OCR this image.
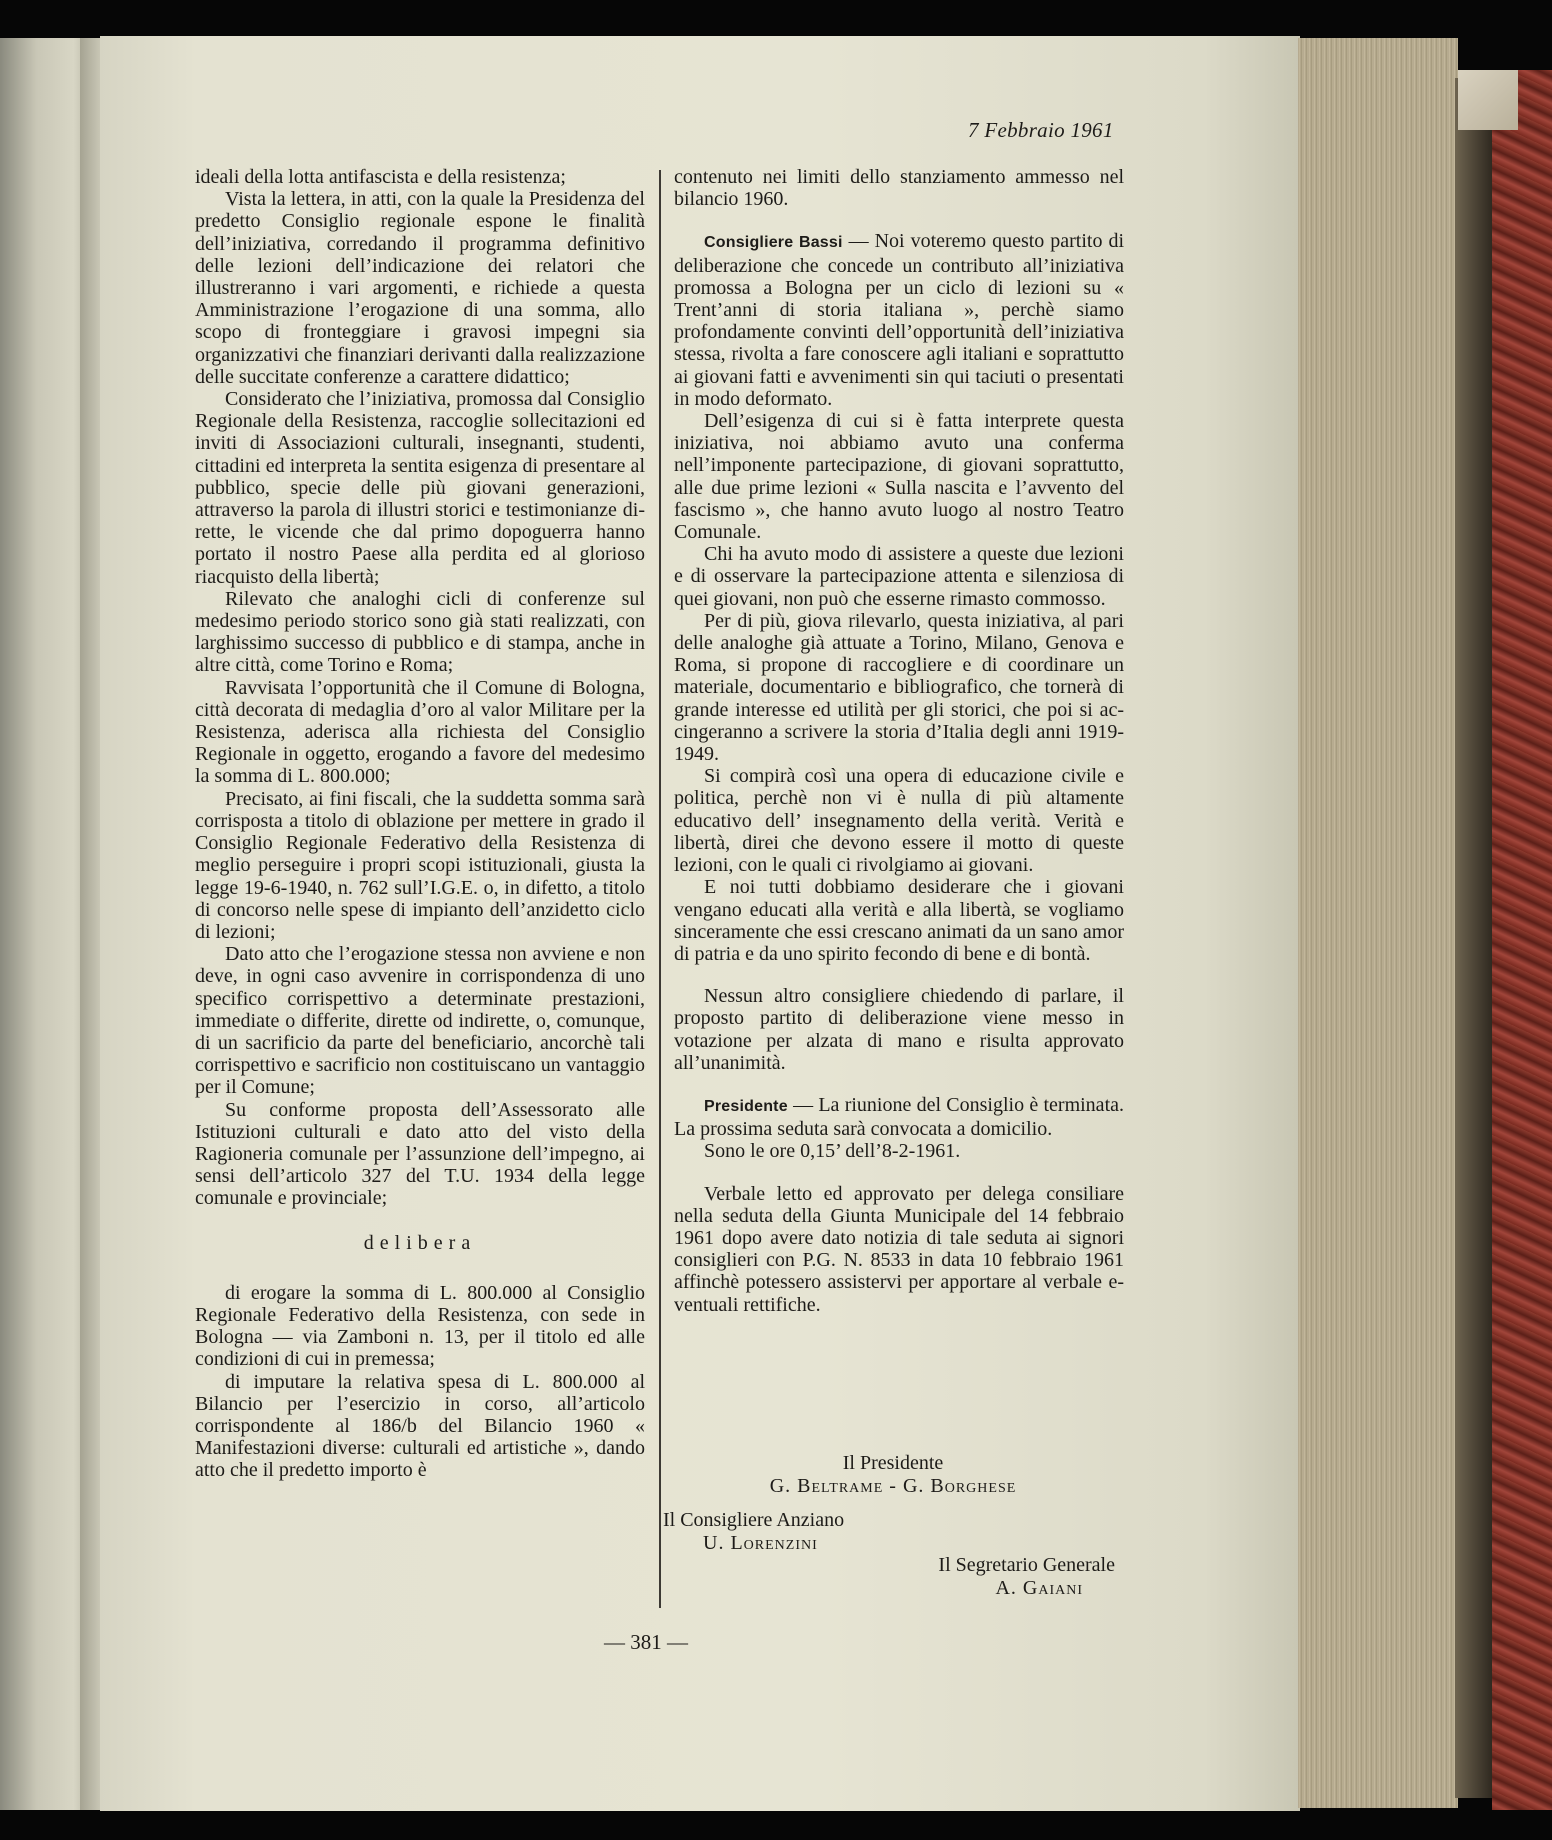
7 Febbraio 1961

ideali della lotta antifascista e della resistenza;

Vista la lettera, in atti, con la quale la Presidenza del predetto Consiglio regionale espone le finalità dell’iniziativa, corredando il programma definitivo delle lezioni dell’indicazione dei relatori che illustreranno i vari argomenti, e richiede a questa Amministrazione l’erogazione di una somma, allo scopo di fronteggiare i gravosi impegni sia organizzativi che finanziari derivanti dalla realizzazione delle succitate conferenze a carattere didattico;

Considerato che l’iniziativa, promossa dal Consiglio Regionale della Resistenza, raccoglie sollecitazioni ed inviti di Associazioni culturali, insegnanti, studenti, cittadini ed interpreta la sentita esigenza di presentare al pubblico, specie delle più giovani generazioni, attraverso la parola di illustri storici e testimonianze dirette, le vicende che dal primo dopoguerra hanno portato il nostro Paese alla perdita ed al glorioso riacquisto della libertà;

Rilevato che analoghi cicli di conferenze sul medesimo periodo storico sono già stati realizzati, con larghissimo successo di pubblico e di stampa, anche in altre città, come Torino e Roma;

Ravvisata l’opportunità che il Comune di Bologna, città decorata di medaglia d’oro al valor Militare per la Resistenza, aderisca alla richiesta del Consiglio Regionale in oggetto, erogando a favore del medesimo la somma di L. 800.000;

Precisato, ai fini fiscali, che la suddetta somma sarà corrisposta a titolo di oblazione per mettere in grado il Consiglio Regionale Federativo della Resistenza di meglio perseguire i propri scopi istituzionali, giusta la legge 19-6-1940, n. 762 sull’I.G.E. o, in difetto, a titolo di concorso nelle spese di impianto dell’anzidetto ciclo di lezioni;

Dato atto che l’erogazione stessa non avviene e non deve, in ogni caso avvenire in corrispondenza di uno specifico corrispettivo a determinate prestazioni, immediate o differite, dirette od indirette, o, comunque, di un sacrificio da parte del beneficiario, ancorchè tali corrispettivo e sacrificio non costituiscano un vantaggio per il Comune;

Su conforme proposta dell’Assessorato alle Istituzioni culturali e dato atto del visto della Ragioneria comunale per l’assunzione dell’impegno, ai sensi dell’articolo 327 del T.U. 1934 della legge comunale e provinciale;

delibera

di erogare la somma di L. 800.000 al Consiglio Regionale Federativo della Resistenza, con sede in Bologna — via Zamboni n. 13, per il titolo ed alle condizioni di cui in premessa;

di imputare la relativa spesa di L. 800.000 al Bilancio per l’esercizio in corso, all’articolo corrispondente al 186/b del Bilancio 1960 « Manifestazioni diverse: culturali ed artistiche », dando atto che il predetto importo è

contenuto nei limiti dello stanziamento ammesso nel bilancio 1960.

Consigliere Bassi — Noi voteremo questo partito di deliberazione che concede un contributo all’iniziativa promossa a Bologna per un ciclo di lezioni su « Trent’anni di storia italiana », perchè siamo profondamente convinti dell’opportunità dell’iniziativa stessa, rivolta a fare conoscere agli italiani e soprattutto ai giovani fatti e avvenimenti sin qui taciuti o presentati in modo deformato.

Dell’esigenza di cui si è fatta interprete questa iniziativa, noi abbiamo avuto una conferma nell’imponente partecipazione, di giovani soprattutto, alle due prime lezioni « Sulla nascita e l’avvento del fascismo », che hanno avuto luogo al nostro Teatro Comunale.

Chi ha avuto modo di assistere a queste due lezioni e di osservare la partecipazione attenta e silenziosa di quei giovani, non può che esserne rimasto commosso.

Per di più, giova rilevarlo, questa iniziativa, al pari delle analoghe già attuate a Torino, Milano, Genova e Roma, si propone di raccogliere e di coordinare un materiale, documentario e bibliografico, che tornerà di grande interesse ed utilità per gli storici, che poi si accingeranno a scrivere la storia d’Italia degli anni 1919-1949.

Si compirà così una opera di educazione civile e politica, perchè non vi è nulla di più altamente educativo dell’ insegnamento della verità. Verità e libertà, direi che devono essere il motto di queste lezioni, con le quali ci rivolgiamo ai giovani.

E noi tutti dobbiamo desiderare che i giovani vengano educati alla verità e alla libertà, se vogliamo sinceramente che essi crescano animati da un sano amor di patria e da uno spirito fecondo di bene e di bontà.

Nessun altro consigliere chiedendo di parlare, il proposto partito di deliberazione viene messo in votazione per alzata di mano e risulta approvato all’unanimità.

Presidente — La riunione del Consiglio è terminata. La prossima seduta sarà convocata a domicilio.

Sono le ore 0,15’ dell’8-2-1961.

Verbale letto ed approvato per delega consiliare nella seduta della Giunta Municipale del 14 febbraio 1961 dopo avere dato notizia di tale seduta ai signori consiglieri con P.G. N. 8533 in data 10 febbraio 1961 affinchè potessero assistervi per apportare al verbale eventuali rettifiche.

Il Presidente

G. Beltrame - G. Borghese

Il Consigliere Anziano

U. Lorenzini

Il Segretario Generale

A. Gaiani

— 381 —
